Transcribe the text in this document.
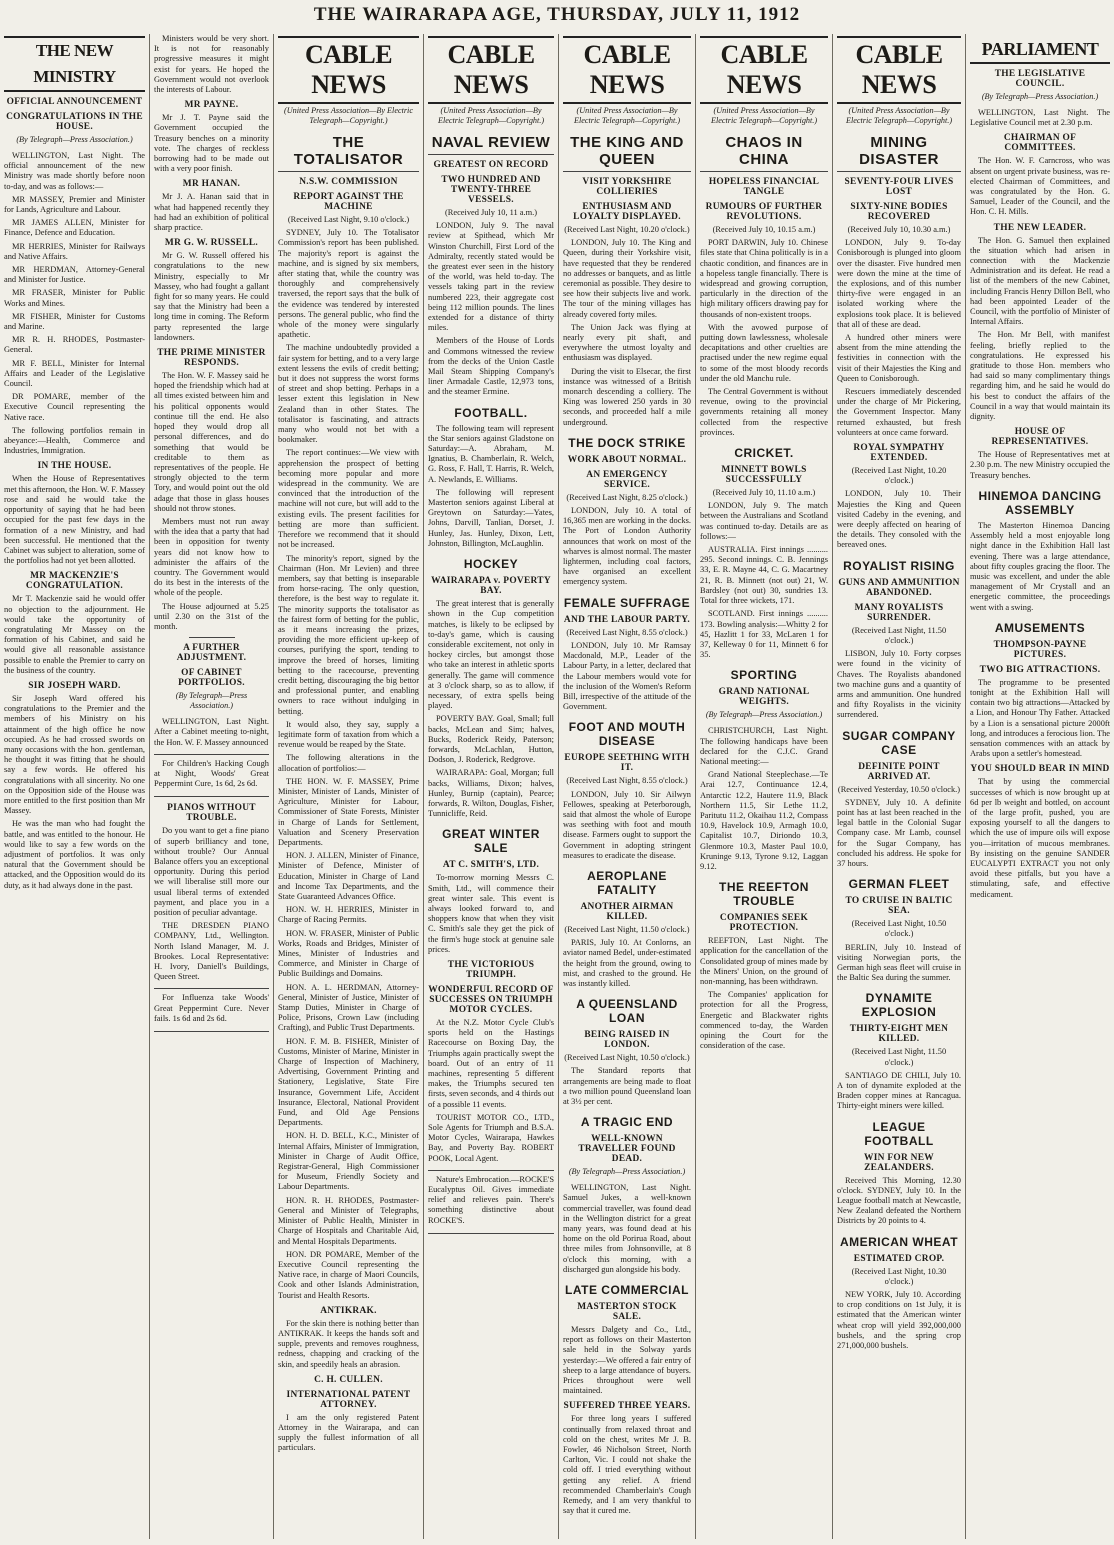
THE WAIRARAPA AGE, THURSDAY, JULY 11, 1912
THE NEW MINISTRY
OFFICIAL ANNOUNCEMENT
CONGRATULATIONS IN THE HOUSE.
(By Telegraph—Press Association.)

WELLINGTON, Last Night. The official announcement of the new Ministry was made shortly before noon to-day, and was as follows:—

MR MASSEY, Premier and Minister for Lands, Agriculture and Labour.

MR JAMES ALLEN, Minister for Finance, Defence and Education.

MR HERRIES, Minister for Railways and Native Affairs.

MR HERDMAN, Attorney-General and Minister for Justice.

MR FRASER, Minister for Public Works and Mines.

MR FISHER, Minister for Customs and Marine.

MR R. H. RHODES, Postmaster-General.

MR F. BELL, Minister for Internal Affairs and Leader of the Legislative Council.

DR POMARE, member of the Executive Council representing the Native race.

The following portfolios remain in abeyance:—Health, Commerce and Industries, Immigration.

IN THE HOUSE.

When the House of Representatives met this afternoon, the Hon. W. F. Massey rose and said he would take the opportunity of saying that he had been occupied for the past few days in the formation of a new Ministry, and had been successful. He mentioned that the Cabinet was subject to alteration, some of the portfolios had not yet been allotted.

MR MACKENZIE'S CONGRATULATION.

Mr T. Mackenzie said he would offer no objection to the adjournment. He would take the opportunity of congratulating Mr Massey on the formation of his Cabinet, and said he would give all reasonable assistance possible to enable the Premier to carry on the business of the country.

SIR JOSEPH WARD.

Sir Joseph Ward offered his congratulations to the Premier and the members of his Ministry on his attainment of the high office he now occupied. As he had crossed swords on many occasions with the hon. gentleman, he thought it was fitting that he should say a few words. He offered his congratulations with all sincerity. No one on the Opposition side of the House was more entitled to the first position than Mr Massey.

He was the man who had fought the battle, and was entitled to the honour. He would like to say a few words on the adjustment of portfolios. It was only natural that the Government should be attacked, and the Opposition would do its duty, as it had always done in the past.

Ministers would be very short. It is not for reasonably progressive measures it might exist for years. He hoped the Government would not overlook the interests of Labour.

MR PAYNE.

Mr J. T. Payne said the Government occupied the Treasury benches on a minority vote. The charges of reckless borrowing had to be made out with a very poor finish.

MR HANAN.

Mr J. A. Hanan said that in what had happened recently they had had an exhibition of political sharp practice.

MR G. W. RUSSELL.

Mr G. W. Russell offered his congratulations to the new Ministry, especially to Mr Massey, who had fought a gallant fight for so many years. He could say that the Ministry had been a long time in coming. The Reform party represented the large landowners.

THE PRIME MINISTER RESPONDS.

The Hon. W. F. Massey said he hoped the friendship which had at all times existed between him and his political opponents would continue till the end. He also hoped they would drop all personal differences, and do something that would be creditable to them as representatives of the people. He strongly objected to the term Tory, and would point out the old adage that those in glass houses should not throw stones.

Members must not run away with the idea that a party that had been in opposition for twenty years did not know how to administer the affairs of the country. The Government would do its best in the interests of the whole of the people.

The House adjourned at 5.25 until 2.30 on the 31st of the month.

A FURTHER ADJUSTMENT.
OF CABINET PORTFOLIOS.
(By Telegraph—Press Association.)

WELLINGTON, Last Night. After a Cabinet meeting to-night, the Hon. W. F. Massey announced

For Children's Hacking Cough at Night, Woods' Great Peppermint Cure, 1s 6d, 2s 6d.

PIANOS WITHOUT TROUBLE.

Do you want to get a fine piano of superb brilliancy and tone, without trouble? Our Annual Balance offers you an exceptional opportunity. During this period we will liberalise still more our usual liberal terms of extended payment, and place you in a position of peculiar advantage.

THE DRESDEN PIANO COMPANY, Ltd., Wellington. North Island Manager, M. J. Brookes. Local Representative: H. Ivory, Daniell's Buildings, Queen Street.

For Influenza take Woods' Great Peppermint Cure. Never fails. 1s 6d and 2s 6d.

CABLE NEWS
(United Press Association—By Electric Telegraph—Copyright.)
THE TOTALISATOR
N.S.W. COMMISSION
REPORT AGAINST THE MACHINE

(Received Last Night, 9.10 o'clock.)

SYDNEY, July 10. The Totalisator Commission's report has been published. The majority's report is against the machine, and is signed by six members, after stating that, while the country was thoroughly and comprehensively traversed, the report says that the bulk of the evidence was tendered by interested persons. The general public, who find the whole of the money were singularly apathetic.

The machine undoubtedly provided a fair system for betting, and to a very large extent lessens the evils of credit betting; but it does not suppress the worst forms of street and shop betting. Perhaps in a lesser extent this legislation in New Zealand than in other States. The totalisator is fascinating, and attracts many who would not bet with a bookmaker.

The report continues:—We view with apprehension the prospect of betting becoming more popular and more widespread in the community. We are convinced that the introduction of the machine will not cure, but will add to the existing evils. The present facilities for betting are more than sufficient. Therefore we recommend that it should not be increased.

The minority's report, signed by the Chairman (Hon. Mr Levien) and three members, say that betting is inseparable from horse-racing. The only question, therefore, is the best way to regulate it. The minority supports the totalisator as the fairest form of betting for the public, as it means increasing the prizes, providing the more efficient up-keep of courses, purifying the sport, tending to improve the breed of horses, limiting betting to the racecourse, preventing credit betting, discouraging the big bettor and professional punter, and enabling owners to race without indulging in betting.

It would also, they say, supply a legitimate form of taxation from which a revenue would be reaped by the State.

The following alterations in the allocation of portfolios:—

THE HON. W. F. MASSEY, Prime Minister, Minister of Lands, Minister of Agriculture, Minister for Labour, Commissioner of State Forests, Minister in Charge of Lands for Settlement, Valuation and Scenery Preservation Departments.

HON. J. ALLEN, Minister of Finance, Minister of Defence, Minister of Education, Minister in Charge of Land and Income Tax Departments, and the State Guaranteed Advances Office.

HON. W. H. HERRIES, Minister in Charge of Racing Permits.

HON. W. FRASER, Minister of Public Works, Roads and Bridges, Minister of Mines, Minister of Industries and Commerce, and Minister in Charge of Public Buildings and Domains.

HON. A. L. HERDMAN, Attorney-General, Minister of Justice, Minister of Stamp Duties, Minister in Charge of Police, Prisons, Crown Law (including Crafting), and Public Trust Departments.

HON. F. M. B. FISHER, Minister of Customs, Minister of Marine, Minister in Charge of Inspection of Machinery, Advertising, Government Printing and Stationery, Legislative, State Fire Insurance, Government Life, Accident Insurance, Electoral, National Provident Fund, and Old Age Pensions Departments.

HON. H. D. BELL, K.C., Minister of Internal Affairs, Minister of Immigration, Minister in Charge of Audit Office, Registrar-General, High Commissioner for Museum, Friendly Society and Labour Departments.

HON. R. H. RHODES, Postmaster-General and Minister of Telegraphs, Minister of Public Health, Minister in Charge of Hospitals and Charitable Aid, and Mental Hospitals Departments.

HON. DR POMARE, Member of the Executive Council representing the Native race, in charge of Maori Councils, Cook and other Islands Administration, Tourist and Health Resorts.

ANTIKRAK.

For the skin there is nothing better than ANTIKRAK. It keeps the hands soft and supple, prevents and removes roughness, redness, chapping and cracking of the skin, and speedily heals an abrasion.

C. H. CULLEN.
INTERNATIONAL PATENT ATTORNEY.

I am the only registered Patent Attorney in the Wairarapa, and can supply the fullest information of all particulars.

CABLE NEWS
(United Press Association—By Electric Telegraph—Copyright.)
NAVAL REVIEW
GREATEST ON RECORD
TWO HUNDRED AND TWENTY-THREE VESSELS.

(Received July 10, 11 a.m.)

LONDON, July 9. The naval review at Spithead, which Mr Winston Churchill, First Lord of the Admiralty, recently stated would be the greatest ever seen in the history of the world, was held to-day. The vessels taking part in the review numbered 223, their aggregate cost being 112 million pounds. The lines extended for a distance of thirty miles.

Members of the House of Lords and Commons witnessed the review from the decks of the Union Castle Mail Steam Shipping Company's liner Armadale Castle, 12,973 tons, and the steamer Ermine.

FOOTBALL.

The following team will represent the Star seniors against Gladstone on Saturday:—A. Abraham, M. Ignatius, B. Chamberlain, R. Welch, G. Ross, F. Hall, T. Harris, R. Welch, A. Newlands, E. Williams.

The following will represent Masterton seniors against Liberal at Greytown on Saturday:—Yates, Johns, Darvill, Tanlian, Dorset, J. Hunley, Jas. Hunley, Dixon, Lett, Johnston, Billington, McLaughlin.

HOCKEY
WAIRARAPA v. POVERTY BAY.

The great interest that is generally shown in the Cup competition matches, is likely to be eclipsed by to-day's game, which is causing considerable excitement, not only in hockey circles, but amongst those who take an interest in athletic sports generally. The game will commence at 3 o'clock sharp, so as to allow, if necessary, of extra spells being played.

POVERTY BAY. Goal, Small; full backs, McLean and Sim; halves, Bucks, Roderick Reidy, Paterson; forwards, McLachlan, Hutton, Dodson, J. Roderick, Redgrove.

WAIRARAPA: Goal, Morgan; full backs, Williams, Dixon; halves, Hunley, Burnip (captain), Pearce; forwards, R. Wilton, Douglas, Fisher, Tunnicliffe, Reid.

GREAT WINTER SALE
AT C. SMITH'S, LTD.

To-morrow morning Messrs C. Smith, Ltd., will commence their great winter sale. This event is always looked forward to, and shoppers know that when they visit C. Smith's sale they get the pick of the firm's huge stock at genuine sale prices.

THE VICTORIOUS TRIUMPH.
WONDERFUL RECORD OF SUCCESSES ON TRIUMPH MOTOR CYCLES.

At the N.Z. Motor Cycle Club's sports held on the Hastings Racecourse on Boxing Day, the Triumphs again practically swept the board. Out of an entry of 11 machines, representing 5 different makes, the Triumphs secured ten firsts, seven seconds, and 4 thirds out of a possible 11 events.

TOURIST MOTOR CO., LTD., Sole Agents for Triumph and B.S.A. Motor Cycles, Wairarapa, Hawkes Bay, and Poverty Bay. ROBERT POOK, Local Agent.

Nature's Embrocation.—ROCKE'S Eucalyptus Oil. Gives immediate relief and relieves pain. There's something distinctive about ROCKE'S.

CABLE NEWS
(United Press Association—By Electric Telegraph—Copyright.)
THE KING AND QUEEN
VISIT YORKSHIRE COLLIERIES
ENTHUSIASM AND LOYALTY DISPLAYED.

(Received Last Night, 10.20 o'clock.)

LONDON, July 10. The King and Queen, during their Yorkshire visit, have requested that they be rendered no addresses or banquets, and as little ceremonial as possible. They desire to see how their subjects live and work. The tour of the mining villages has already covered forty miles.

The Union Jack was flying at nearly every pit shaft, and everywhere the utmost loyalty and enthusiasm was displayed.

During the visit to Elsecar, the first instance was witnessed of a British monarch descending a colliery. The King was lowered 250 yards in 30 seconds, and proceeded half a mile underground.

THE DOCK STRIKE
WORK ABOUT NORMAL.
AN EMERGENCY SERVICE.

(Received Last Night, 8.25 o'clock.)

LONDON, July 10. A total of 16,365 men are working in the docks. The Port of London Authority announces that work on most of the wharves is almost normal. The master lightermen, including coal factors, have organised an excellent emergency system.

FEMALE SUFFRAGE
AND THE LABOUR PARTY.

(Received Last Night, 8.55 o'clock.)

LONDON, July 10. Mr Ramsay Macdonald, M.P., Leader of the Labour Party, in a letter, declared that the Labour members would vote for the inclusion of the Women's Reform Bill, irrespective of the attitude of the Government.

FOOT AND MOUTH DISEASE
EUROPE SEETHING WITH IT.

(Received Last Night, 8.55 o'clock.)

LONDON, July 10. Sir Ailwyn Fellowes, speaking at Peterborough, said that almost the whole of Europe was seething with foot and mouth disease. Farmers ought to support the Government in adopting stringent measures to eradicate the disease.

AEROPLANE FATALITY
ANOTHER AIRMAN KILLED.

(Received Last Night, 11.50 o'clock.)

PARIS, July 10. At Conlorns, an aviator named Bedel, under-estimated the height from the ground, owing to mist, and crashed to the ground. He was instantly killed.

A QUEENSLAND LOAN
BEING RAISED IN LONDON.

(Received Last Night, 10.50 o'clock.)

The Standard reports that arrangements are being made to float a two million pound Queensland loan at 3½ per cent.

A TRAGIC END
WELL-KNOWN TRAVELLER FOUND DEAD.
(By Telegraph—Press Association.)

WELLINGTON, Last Night. Samuel Jukes, a well-known commercial traveller, was found dead in the Wellington district for a great many years, was found dead at his home on the old Porirua Road, about three miles from Johnsonville, at 8 o'clock this morning, with a discharged gun alongside his body.

LATE COMMERCIAL
MASTERTON STOCK SALE.

Messrs Dalgety and Co., Ltd., report as follows on their Masterton sale held in the Solway yards yesterday:—We offered a fair entry of sheep to a large attendance of buyers. Prices throughout were well maintained.

SUFFERED THREE YEARS.

For three long years I suffered continually from relaxed throat and cold on the chest, writes Mr J. B. Fowler, 46 Nicholson Street, North Carlton, Vic. I could not shake the cold off. I tried everything without getting any relief. A friend recommended Chamberlain's Cough Remedy, and I am very thankful to say that it cured me.

CABLE NEWS
(United Press Association—By Electric Telegraph—Copyright.)
CHAOS IN CHINA
HOPELESS FINANCIAL TANGLE
RUMOURS OF FURTHER REVOLUTIONS.

(Received July 10, 10.15 a.m.)

PORT DARWIN, July 10. Chinese files state that China politically is in a chaotic condition, and finances are in a hopeless tangle financially. There is widespread and growing corruption, particularly in the direction of the high military officers drawing pay for thousands of non-existent troops.

With the avowed purpose of putting down lawlessness, wholesale decapitations and other cruelties are practised under the new regime equal to some of the most bloody records under the old Manchu rule.

The Central Government is without revenue, owing to the provincial governments retaining all money collected from the respective provinces.

CRICKET.
MINNETT BOWLS SUCCESSFULLY

(Received July 10, 11.10 a.m.)

LONDON, July 9. The match between the Australians and Scotland was continued to-day. Details are as follows:—

AUSTRALIA. First innings .......... 295. Second innings. C. B. Jennings 33, E. R. Mayne 44, C. G. Macartney 21, R. B. Minnett (not out) 21, W. Bardsley (not out) 30, sundries 13. Total for three wickets, 171.

SCOTLAND. First innings .......... 173. Bowling analysis:—Whitty 2 for 45, Hazlitt 1 for 33, McLaren 1 for 37, Kelleway 0 for 11, Minnett 6 for 35.

SPORTING
GRAND NATIONAL WEIGHTS.
(By Telegraph—Press Association.)

CHRISTCHURCH, Last Night. The following handicaps have been declared for the C.J.C. Grand National meeting:—

Grand National Steeplechase.—Te Arai 12.7, Continuance 12.4, Antarctic 12.2, Hautere 11.9, Black Northern 11.5, Sir Lethe 11.2, Paritutu 11.2, Okaihau 11.2, Compass 10.9, Havelock 10.9, Armagh 10.0, Capitalist 10.7, Diriondo 10.3, Glenmore 10.3, Master Paul 10.0, Kruninge 9.13, Tyrone 9.12, Laggan 9.12.

THE REEFTON TROUBLE
COMPANIES SEEK PROTECTION.

REEFTON, Last Night. The application for the cancellation of the Consolidated group of mines made by the Miners' Union, on the ground of non-manning, has been withdrawn.

The Companies' application for protection for all the Progress, Energetic and Blackwater rights commenced to-day, the Warden opining the Court for the consideration of the case.

CABLE NEWS
(United Press Association—By Electric Telegraph—Copyright.)
MINING DISASTER
SEVENTY-FOUR LIVES LOST
SIXTY-NINE BODIES RECOVERED

(Received July 10, 10.30 a.m.)

LONDON, July 9. To-day Conisborough is plunged into gloom over the disaster. Five hundred men were down the mine at the time of the explosions, and of this number thirty-five were engaged in an isolated working where the explosions took place. It is believed that all of these are dead.

A hundred other miners were absent from the mine attending the festivities in connection with the visit of their Majesties the King and Queen to Conisborough.

Rescuers immediately descended under the charge of Mr Pickering, the Government Inspector. Many returned exhausted, but fresh volunteers at once came forward.

ROYAL SYMPATHY EXTENDED.

(Received Last Night, 10.20 o'clock.)

LONDON, July 10. Their Majesties the King and Queen visited Cadeby in the evening, and were deeply affected on hearing of the details. They consoled with the bereaved ones.

ROYALIST RISING
GUNS AND AMMUNITION ABANDONED.
MANY ROYALISTS SURRENDER.

(Received Last Night, 11.50 o'clock.)

LISBON, July 10. Forty corpses were found in the vicinity of Chaves. The Royalists abandoned two machine guns and a quantity of arms and ammunition. One hundred and fifty Royalists in the vicinity surrendered.

SUGAR COMPANY CASE
DEFINITE POINT ARRIVED AT.

(Received Yesterday, 10.50 o'clock.)

SYDNEY, July 10. A definite point has at last been reached in the legal battle in the Colonial Sugar Company case. Mr Lamb, counsel for the Sugar Company, has concluded his address. He spoke for 37 hours.

GERMAN FLEET
TO CRUISE IN BALTIC SEA.

(Received Last Night, 10.50 o'clock.)

BERLIN, July 10. Instead of visiting Norwegian ports, the German high seas fleet will cruise in the Baltic Sea during the summer.

DYNAMITE EXPLOSION
THIRTY-EIGHT MEN KILLED.

(Received Last Night, 11.50 o'clock.)

SANTIAGO DE CHILI, July 10. A ton of dynamite exploded at the Braden copper mines at Rancagua. Thirty-eight miners were killed.

LEAGUE FOOTBALL
WIN FOR NEW ZEALANDERS.

Received This Morning, 12.30 o'clock. SYDNEY, July 10. In the League football match at Newcastle, New Zealand defeated the Northern Districts by 20 points to 4.

AMERICAN WHEAT
ESTIMATED CROP.

(Received Last Night, 10.30 o'clock.)

NEW YORK, July 10. According to crop conditions on 1st July, it is estimated that the American winter wheat crop will yield 392,000,000 bushels, and the spring crop 271,000,000 bushels.

PARLIAMENT
THE LEGISLATIVE COUNCIL.
(By Telegraph—Press Association.)

WELLINGTON, Last Night. The Legislative Council met at 2.30 p.m.

CHAIRMAN OF COMMITTEES.

The Hon. W. F. Carncross, who was absent on urgent private business, was re-elected Chairman of Committees, and was congratulated by the Hon. G. Samuel, Leader of the Council, and the Hon. C. H. Mills.

THE NEW LEADER.

The Hon. G. Samuel then explained the situation which had arisen in connection with the Mackenzie Administration and its defeat. He read a list of the members of the new Cabinet, including Francis Henry Dillon Bell, who had been appointed Leader of the Council, with the portfolio of Minister of Internal Affairs.

The Hon. Mr Bell, with manifest feeling, briefly replied to the congratulations. He expressed his gratitude to those Hon. members who had said so many complimentary things regarding him, and he said he would do his best to conduct the affairs of the Council in a way that would maintain its dignity.

HOUSE OF REPRESENTATIVES.

The House of Representatives met at 2.30 p.m. The new Ministry occupied the Treasury benches.

HINEMOA DANCING ASSEMBLY

The Masterton Hinemoa Dancing Assembly held a most enjoyable long night dance in the Exhibition Hall last evening. There was a large attendance, about fifty couples gracing the floor. The music was excellent, and under the able management of Mr Crystall and an energetic committee, the proceedings went with a swing.

AMUSEMENTS
THOMPSON-PAYNE PICTURES.
TWO BIG ATTRACTIONS.

The programme to be presented tonight at the Exhibition Hall will contain two big attractions—Attacked by a Lion, and Honour Thy Father. Attacked by a Lion is a sensational picture 2000ft long, and introduces a ferocious lion. The sensation commences with an attack by Arabs upon a settler's homestead.

YOU SHOULD BEAR IN MIND

That by using the commercial successes of which is now brought up at 6d per lb weight and bottled, on account of the large profit, pushed, you are exposing yourself to all the dangers to which the use of impure oils will expose you—irritation of mucous membranes. By insisting on the genuine SANDER EUCALYPTI EXTRACT you not only avoid these pitfalls, but you have a stimulating, safe, and effective medicament.
